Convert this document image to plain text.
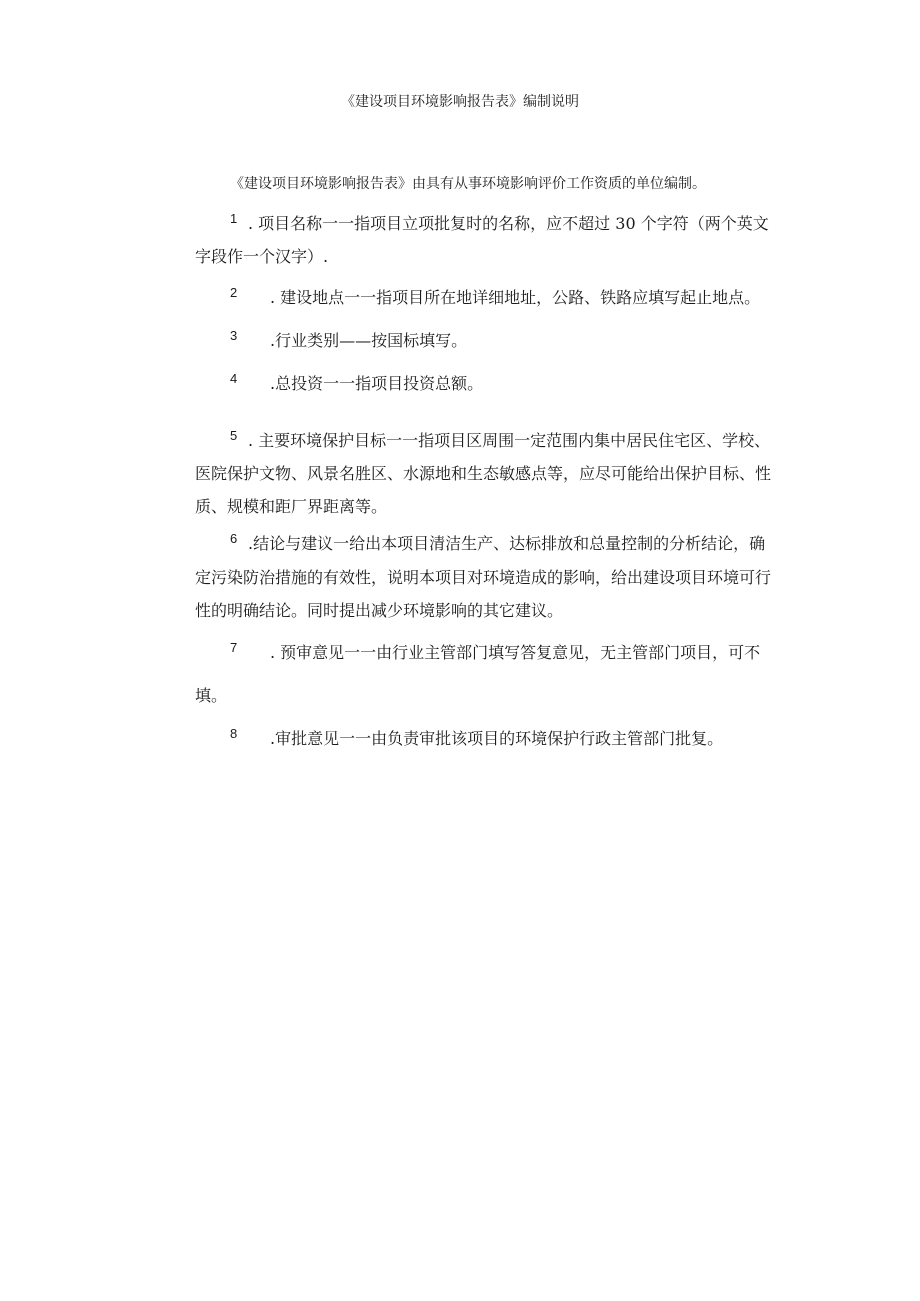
《建设项目环境影响报告表》编制说明
《建设项目环境影响报告表》由具有从事环境影响评价工作资质的单位编制。
1 . 项目名称一一指项目立项批复时的名称，应不超过 30 个字符（两个英文
字段作一个汉字）.
2 . 建设地点一一指项目所在地详细地址，公路、铁路应填写起止地点。
3 .行业类别——按国标填写。
4 .总投资一一指项目投资总额。
5 . 主要环境保护目标一一指项目区周围一定范围内集中居民住宅区、学校、
医院保护文物、风景名胜区、水源地和生态敏感点等，应尽可能给出保护目标、性
质、规模和距厂界距离等。
6 .结论与建议一给出本项目清洁生产、达标排放和总量控制的分析结论，确
定污染防治措施的有效性，说明本项目对环境造成的影响，给出建设项目环境可行
性的明确结论。同时提出减少环境影响的其它建议。
7 . 预审意见一一由行业主管部门填写答复意见，无主管部门项目，可不
填。
8 .审批意见一一由负责审批该项目的环境保护行政主管部门批复。
